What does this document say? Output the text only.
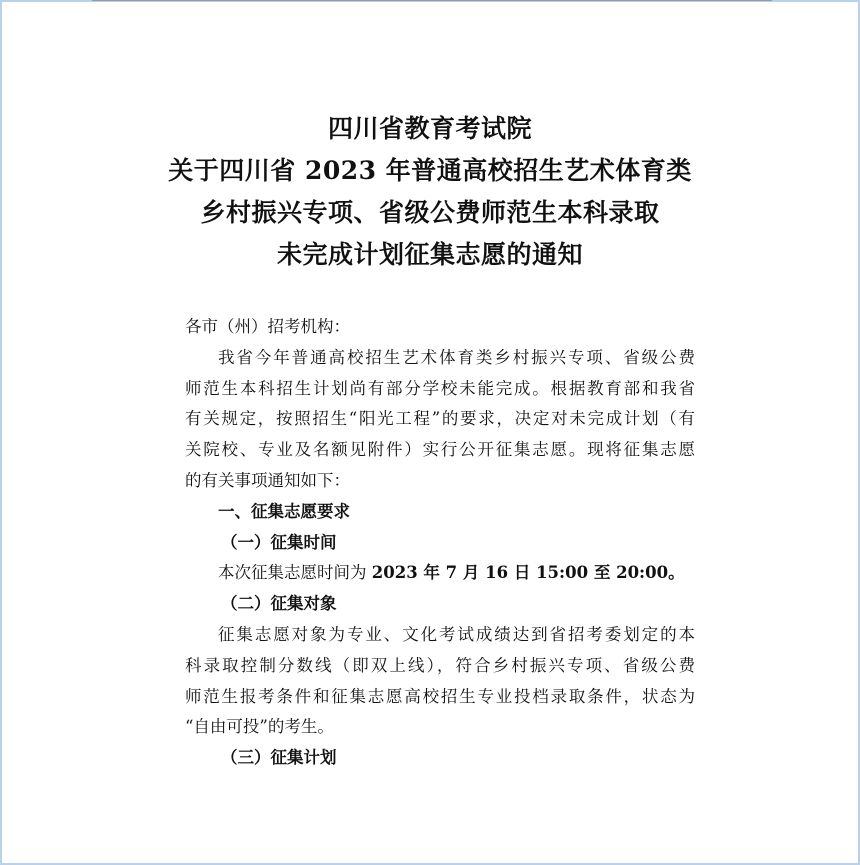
四川省教育考试院
关于四川省 2023 年普通高校招生艺术体育类
乡村振兴专项、省级公费师范生本科录取
未完成计划征集志愿的通知
各市（州）招考机构：
我省今年普通高校招生艺术体育类乡村振兴专项、省级公费
师范生本科招生计划尚有部分学校未能完成。根据教育部和我省
有关规定，按照招生“阳光工程”的要求，决定对未完成计划（有
关院校、专业及名额见附件）实行公开征集志愿。现将征集志愿
的有关事项通知如下：
一、征集志愿要求
（一）征集时间
本次征集志愿时间为 2023 年 7 月 16 日 15:00 至 20:00。
（二）征集对象
征集志愿对象为专业、文化考试成绩达到省招考委划定的本
科录取控制分数线（即双上线），符合乡村振兴专项、省级公费
师范生报考条件和征集志愿高校招生专业投档录取条件，状态为
“自由可投”的考生。
（三）征集计划
